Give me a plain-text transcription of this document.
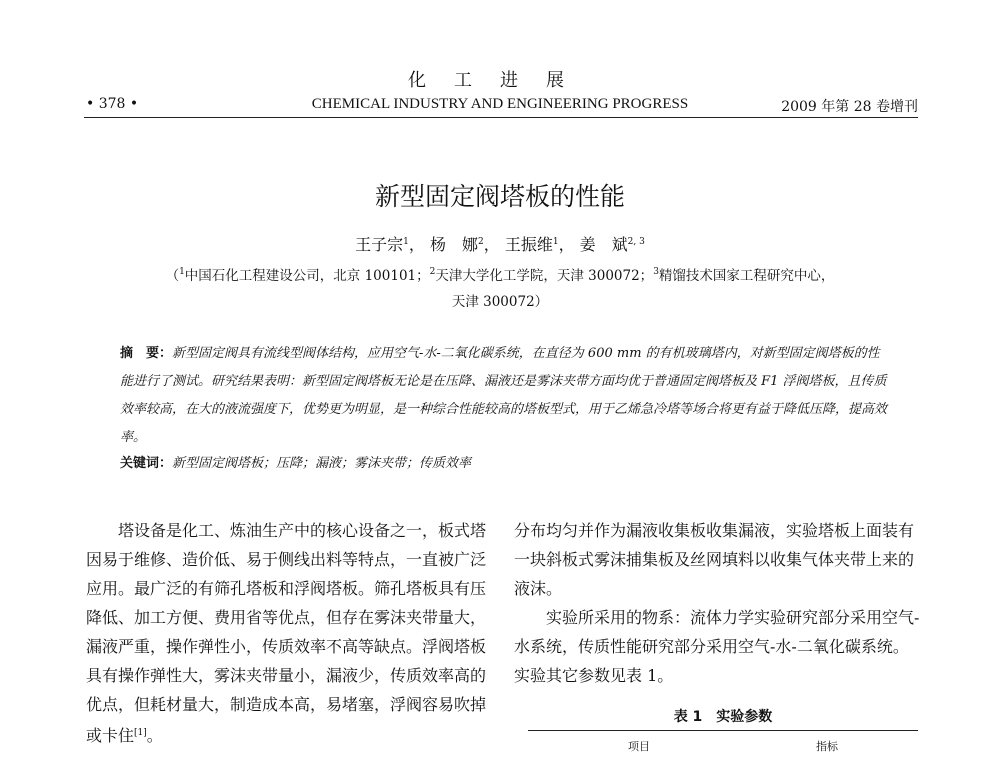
化工进展
• 378 •	CHEMICAL INDUSTRY AND ENGINEERING PROGRESS	2009 年第 28 卷增刊
新型固定阀塔板的性能
王子宗$^1$， 杨　娜$^2$， 王振维$^1$， 姜　斌$^{2, 3}$
（$^1$中国石化工程建设公司，北京 100101；$^2$天津大学化工学院，天津 300072；$^3$精馏技术国家工程研究中心，
天津 300072）
摘　要：新型固定阀具有流线型阀体结构，应用空气-水-二氧化碳系统，在直径为 600 mm 的有机玻璃塔内，对新型固定阀塔板的性能进行了测试。研究结果表明：新型固定阀塔板无论是在压降、漏液还是雾沫夹带方面均优于普通固定阀塔板及 F1 浮阀塔板，且传质效率较高，在大的液流强度下，优势更为明显，是一种综合性能较高的塔板型式，用于乙烯急冷塔等场合将更有益于降低压降，提高效率。
关键词：新型固定阀塔板；压降；漏液；雾沫夹带；传质效率

塔设备是化工、炼油生产中的核心设备之一，板式塔因易于维修、造价低、易于侧线出料等特点，一直被广泛应用。最广泛的有筛孔塔板和浮阀塔板。筛孔塔板具有压降低、加工方便、费用省等优点，但存在雾沫夹带量大，漏液严重，操作弹性小，传质效率不高等缺点。浮阀塔板具有操作弹性大，雾沫夹带量小，漏液少，传质效率高的优点，但耗材量大，制造成本高，易堵塞，浮阀容易吹掉或卡住[1]。

分布均匀并作为漏液收集板收集漏液，实验塔板上面装有一块斜板式雾沫捕集板及丝网填料以收集气体夹带上来的液沫。

实验所采用的物系：流体力学实验研究部分采用空气-水系统，传质性能研究部分采用空气-水-二氧化碳系统。实验其它参数见表 1。

表 1　实验参数
项目	指标
